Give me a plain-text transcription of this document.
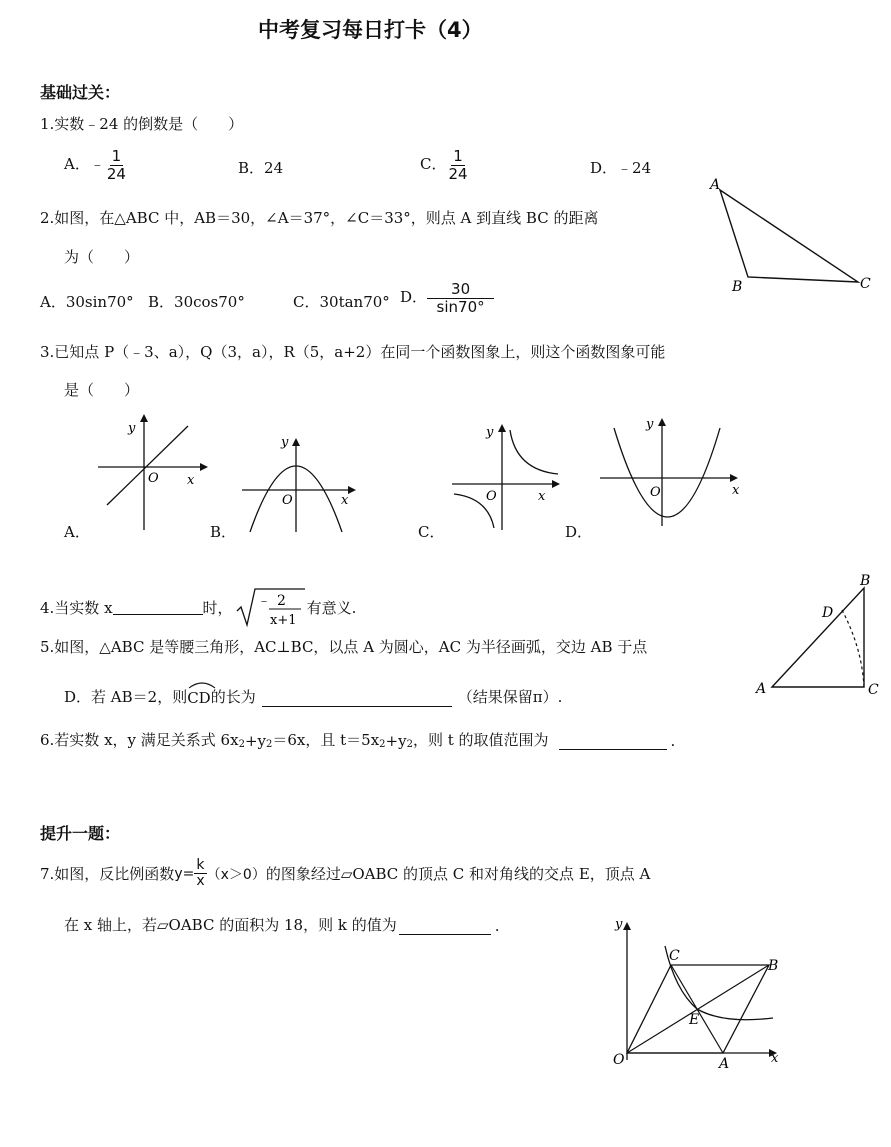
中考复习每日打卡（4）
基础过关：
1.实数﹣24 的倒数是（　　）
A．﹣ $\frac{1}{24}$	B．24	C． $\frac{1}{24}$	D．﹣24
2.如图，在△ABC 中，AB＝30，∠A＝37°，∠C＝33°，则点 A 到直线 BC 的距离
为（　　）
A．30sin70° B．30cos70°	C．30tan70° D． $\frac{30}{\sin 70^\circ}$
A
B	C
3.已知点 P（﹣3、a），Q（3，a），R（5，a+2）在同一个函数图象上，则这个函数图象可能
是（　　）
y
O x
A．
y
O	x
B．
y
O	x
C．
y
O	x
D．
4.当实数 x	时， ﹣ 2
x+1
有意义.
5.如图，△ABC 是等腰三角形，AC⊥BC，以点 A 为圆心，AC 为半径画弧，交边 AB 于点
D．若 AB＝2，则 CD 的长为	（结果保留π）.	A
B
C
D
6.若实数 x，y 满足关系式 $6x_2 +y_2 =6x$，且 $t=5x_2 +y_2$ ，则 t 的取值范围为	.
提升一题：
7.如图，反比例函数 $y= \frac{k}{x} (x>0)$ 的图象经过▱OABC 的顶点 C 和对角线的交点 E，顶点 A
在 x 轴上，若▱OABC 的面积为 18，则 k 的值为	.
O	A
B
C
E
x
y
